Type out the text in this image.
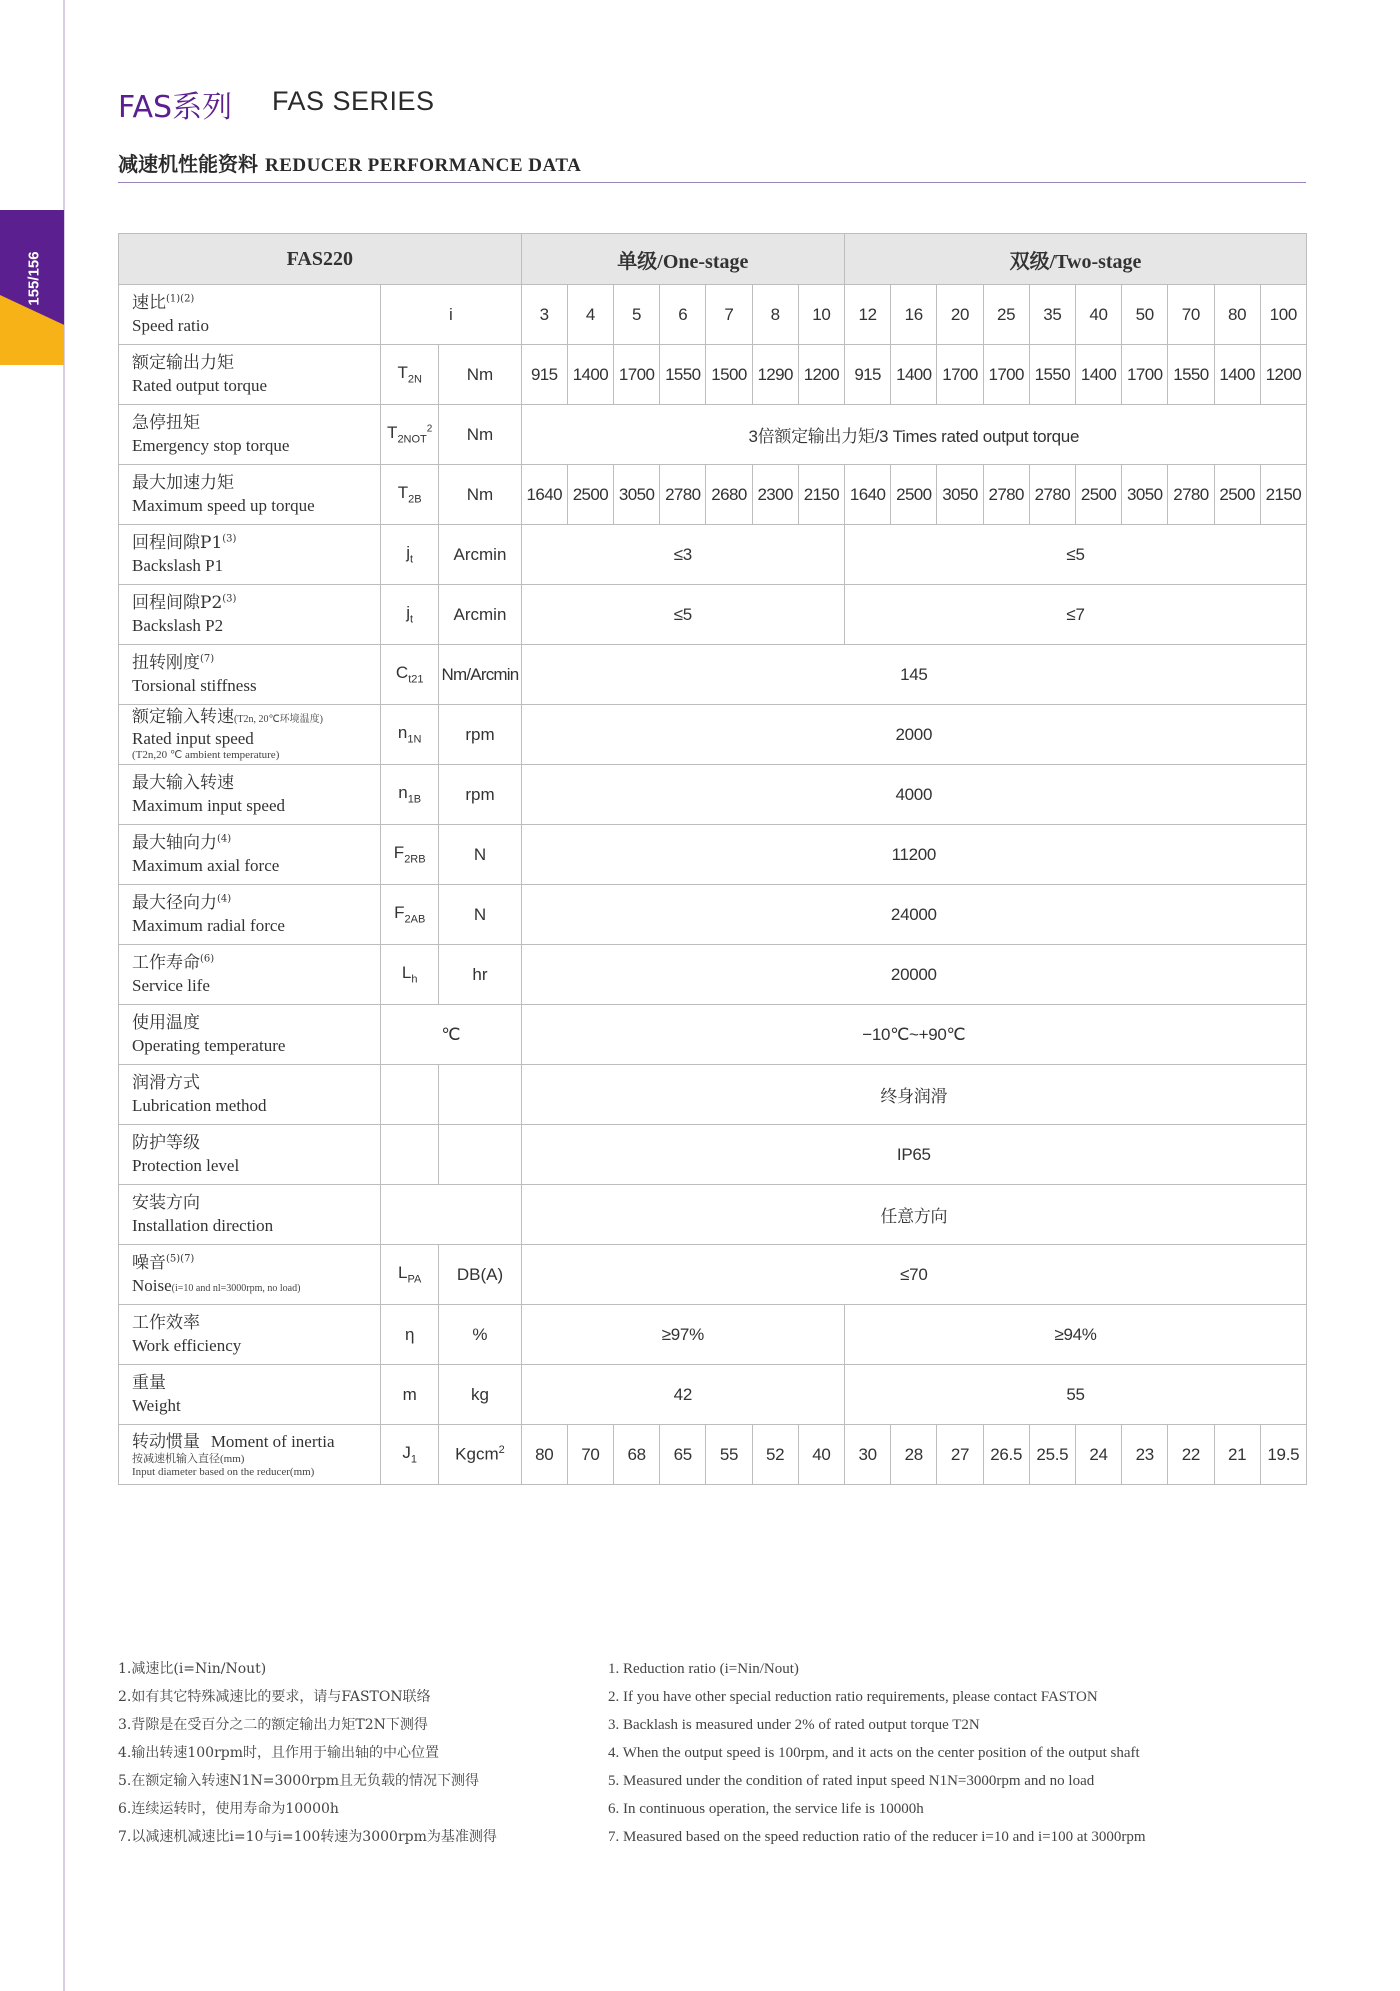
155/156
FAS系列 FAS SERIES
减速机性能资料 REDUCER PERFORMANCE DATA
FAS220			单级/One-stage							双级/Two-stage									

速比$^{(1)(2)}$
Speed ratio	i		3	4	5	6	7	8	10	12	16	20	25	35	40	50	70	80	100

额定输出力矩
Rated output torque	$T_{2N}$	Nm	915	1400	1700	1550	1500	1290	1200	915	1400	1700	1700	1550	1400	1700	1550	1400	1200

急停扭矩
Emergency stop torque	$T_{2NOT}^2$	Nm	3倍额定输出力矩/3 Times rated output torque																

最大加速力矩
Maximum speed up torque	$T_{2B}$	Nm	1640	2500	3050	2780	2680	2300	2150	1640	2500	3050	2780	2780	2500	3050	2780	2500	2150

回程间隙P1$^{(3)}$
Backslash P1	$j_t$	Arcmin	≤3							≤5									

回程间隙P2$^{(3)}$
Backslash P2	$j_t$	Arcmin	≤5							≤7									

扭转刚度$^{(7)}$
Torsional stiffness	$C_{t21}$	Nm/Arcmin	145																

额定输入转速(T2n, 20℃环境温度)
Rated input speed
(T2n,20 ℃ ambient temperature)	$n_{1N}$	rpm	2000																

最大输入转速
Maximum input speed	$n_{1B}$	rpm	4000																

最大轴向力$^{(4)}$
Maximum axial force	$F_{2RB}$	N	11200																

最大径向力$^{(4)}$
Maximum radial force	$F_{2AB}$	N	24000																

工作寿命$^{(6)}$
Service life	$L_h$	hr	20000																

使用温度
Operating temperature	℃		−10℃~+90℃																

润滑方式
Lubrication method			终身润滑																

防护等级
Protection level			IP65																

安装方向
Installation direction			任意方向																

噪音$^{(5)(7)}$
Noise(i=10 and nl=3000rpm, no load)	$L_{PA}$	DB(A)	≤70																

工作效率
Work efficiency	η	%	≥97%							≥94%									

重量
Weight	m	kg	42							55									

转动惯量 Moment of inertia
按减速机输入直径(mm)
Input diameter based on the reducer(mm)	$J_1$	Kgcm$^2$	80	70	68	65	55	52	40	30	28	27	26.5	25.5	24	23	22	21	19.5
1.减速比(i=Nin/Nout)
2.如有其它特殊减速比的要求，请与FASTON联络
3.背隙是在受百分之二的额定输出力矩T2N下测得
4.输出转速100rpm时，且作用于输出轴的中心位置
5.在额定输入转速N1N=3000rpm且无负载的情况下测得
6.连续运转时，使用寿命为10000h
7.以减速机减速比i=10与i=100转速为3000rpm为基准测得
1. Reduction ratio (i=Nin/Nout)
2. If you have other special reduction ratio requirements, please contact FASTON
3. Backlash is measured under 2% of rated output torque T2N
4. When the output speed is 100rpm, and it acts on the center position of the output shaft
5. Measured under the condition of rated input speed N1N=3000rpm and no load
6. In continuous operation, the service life is 10000h
7. Measured based on the speed reduction ratio of the reducer i=10 and i=100 at 3000rpm
